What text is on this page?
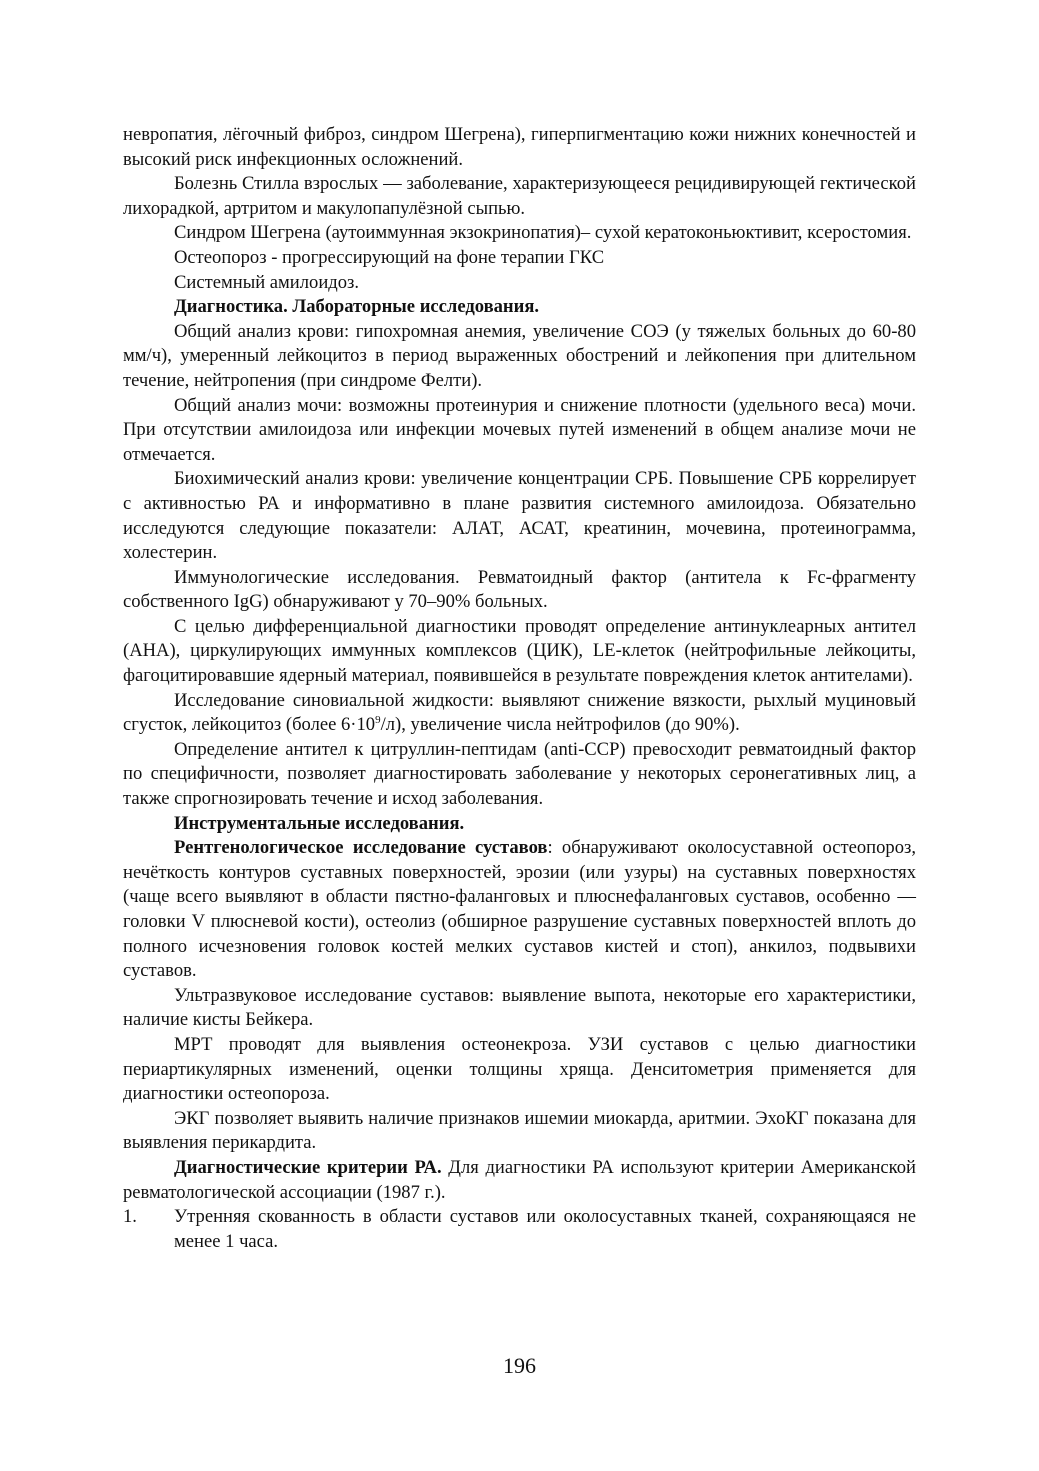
невропатия, лёгочный фиброз, синдром Шегрена), гиперпигментацию кожи нижних конечностей и высокий риск инфекционных осложнений.

Болезнь Стилла взрослых — заболевание, характеризующееся рецидивирующей гектической лихорадкой, артритом и макулопапулёзной сыпью.

Синдром Шегрена (аутоиммунная экзокринопатия)– сухой кератоконьюктивит, ксеростомия.

Остеопороз - прогрессирующий на фоне терапии ГКС

Системный амилоидоз.

Диагностика. Лабораторные исследования.

Общий анализ крови: гипохромная анемия, увеличение СОЭ (у тяжелых больных до 60-80 мм/ч), умеренный лейкоцитоз в период выраженных обострений и лейкопения при длительном течение, нейтропения (при синдроме Фелти).

Общий анализ мочи: возможны протеинурия и снижение плотности (удельного веса) мочи. При отсутствии амилоидоза или инфекции мочевых путей изменений в общем анализе мочи не отмечается.

Биохимический анализ крови: увеличение концентрации СРБ. Повышение СРБ коррелирует с активностью РА и информативно в плане развития системного амилоидоза. Обязательно исследуются следующие показатели: АЛАТ, АСАТ, креатинин, мочевина, протеинограмма, холестерин.

Иммунологические исследования. Ревматоидный фактор (антитела к Fc-фрагменту собственного IgG) обнаруживают у 70–90% больных.

С целью дифференциальной диагностики проводят определение антинуклеарных антител (АНА), циркулирующих иммунных комплексов (ЦИК), LE-клеток (нейтрофильные лейкоциты, фагоцитировавшие ядерный материал, появившейся в результате повреждения клеток антителами).

Исследование синовиальной жидкости: выявляют снижение вязкости, рыхлый муциновый сгусток, лейкоцитоз (более $6\cdot 10^9/л$), увеличение числа нейтрофилов (до 90%).

Определение антител к цитруллин-пептидам (anti-CCP) превосходит ревматоидный фактор по специфичности, позволяет диагностировать заболевание у некоторых серонегативных лиц, а также спрогнозировать течение и исход заболевания.

Инструментальные исследования.

Рентгенологическое исследование суставов: обнаруживают околосуставной остеопороз, нечёткость контуров суставных поверхностей, эрозии (или узуры) на суставных поверхностях (чаще всего выявляют в области пястно-фаланговых и плюснефаланговых суставов, особенно — головки V плюсневой кости), остеолиз (обширное разрушение суставных поверхностей вплоть до полного исчезновения головок костей мелких суставов кистей и стоп), анкилоз, подвывихи суставов.

Ультразвуковое исследование суставов: выявление выпота, некоторые его характеристики, наличие кисты Бейкера.

МРТ проводят для выявления остеонекроза. УЗИ суставов с целью диагностики периартикулярных изменений, оценки толщины хряща. Денситометрия применяется для диагностики остеопороза.

ЭКГ позволяет выявить наличие признаков ишемии миокарда, аритмии. ЭхоКГ показана для выявления перикардита.

Диагностические критерии РА. Для диагностики РА используют критерии Американской ревматологической ассоциации (1987 г.).

1. Утренняя скованность в области суставов или околосуставных тканей, сохраняющаяся не менее 1 часа.
196
